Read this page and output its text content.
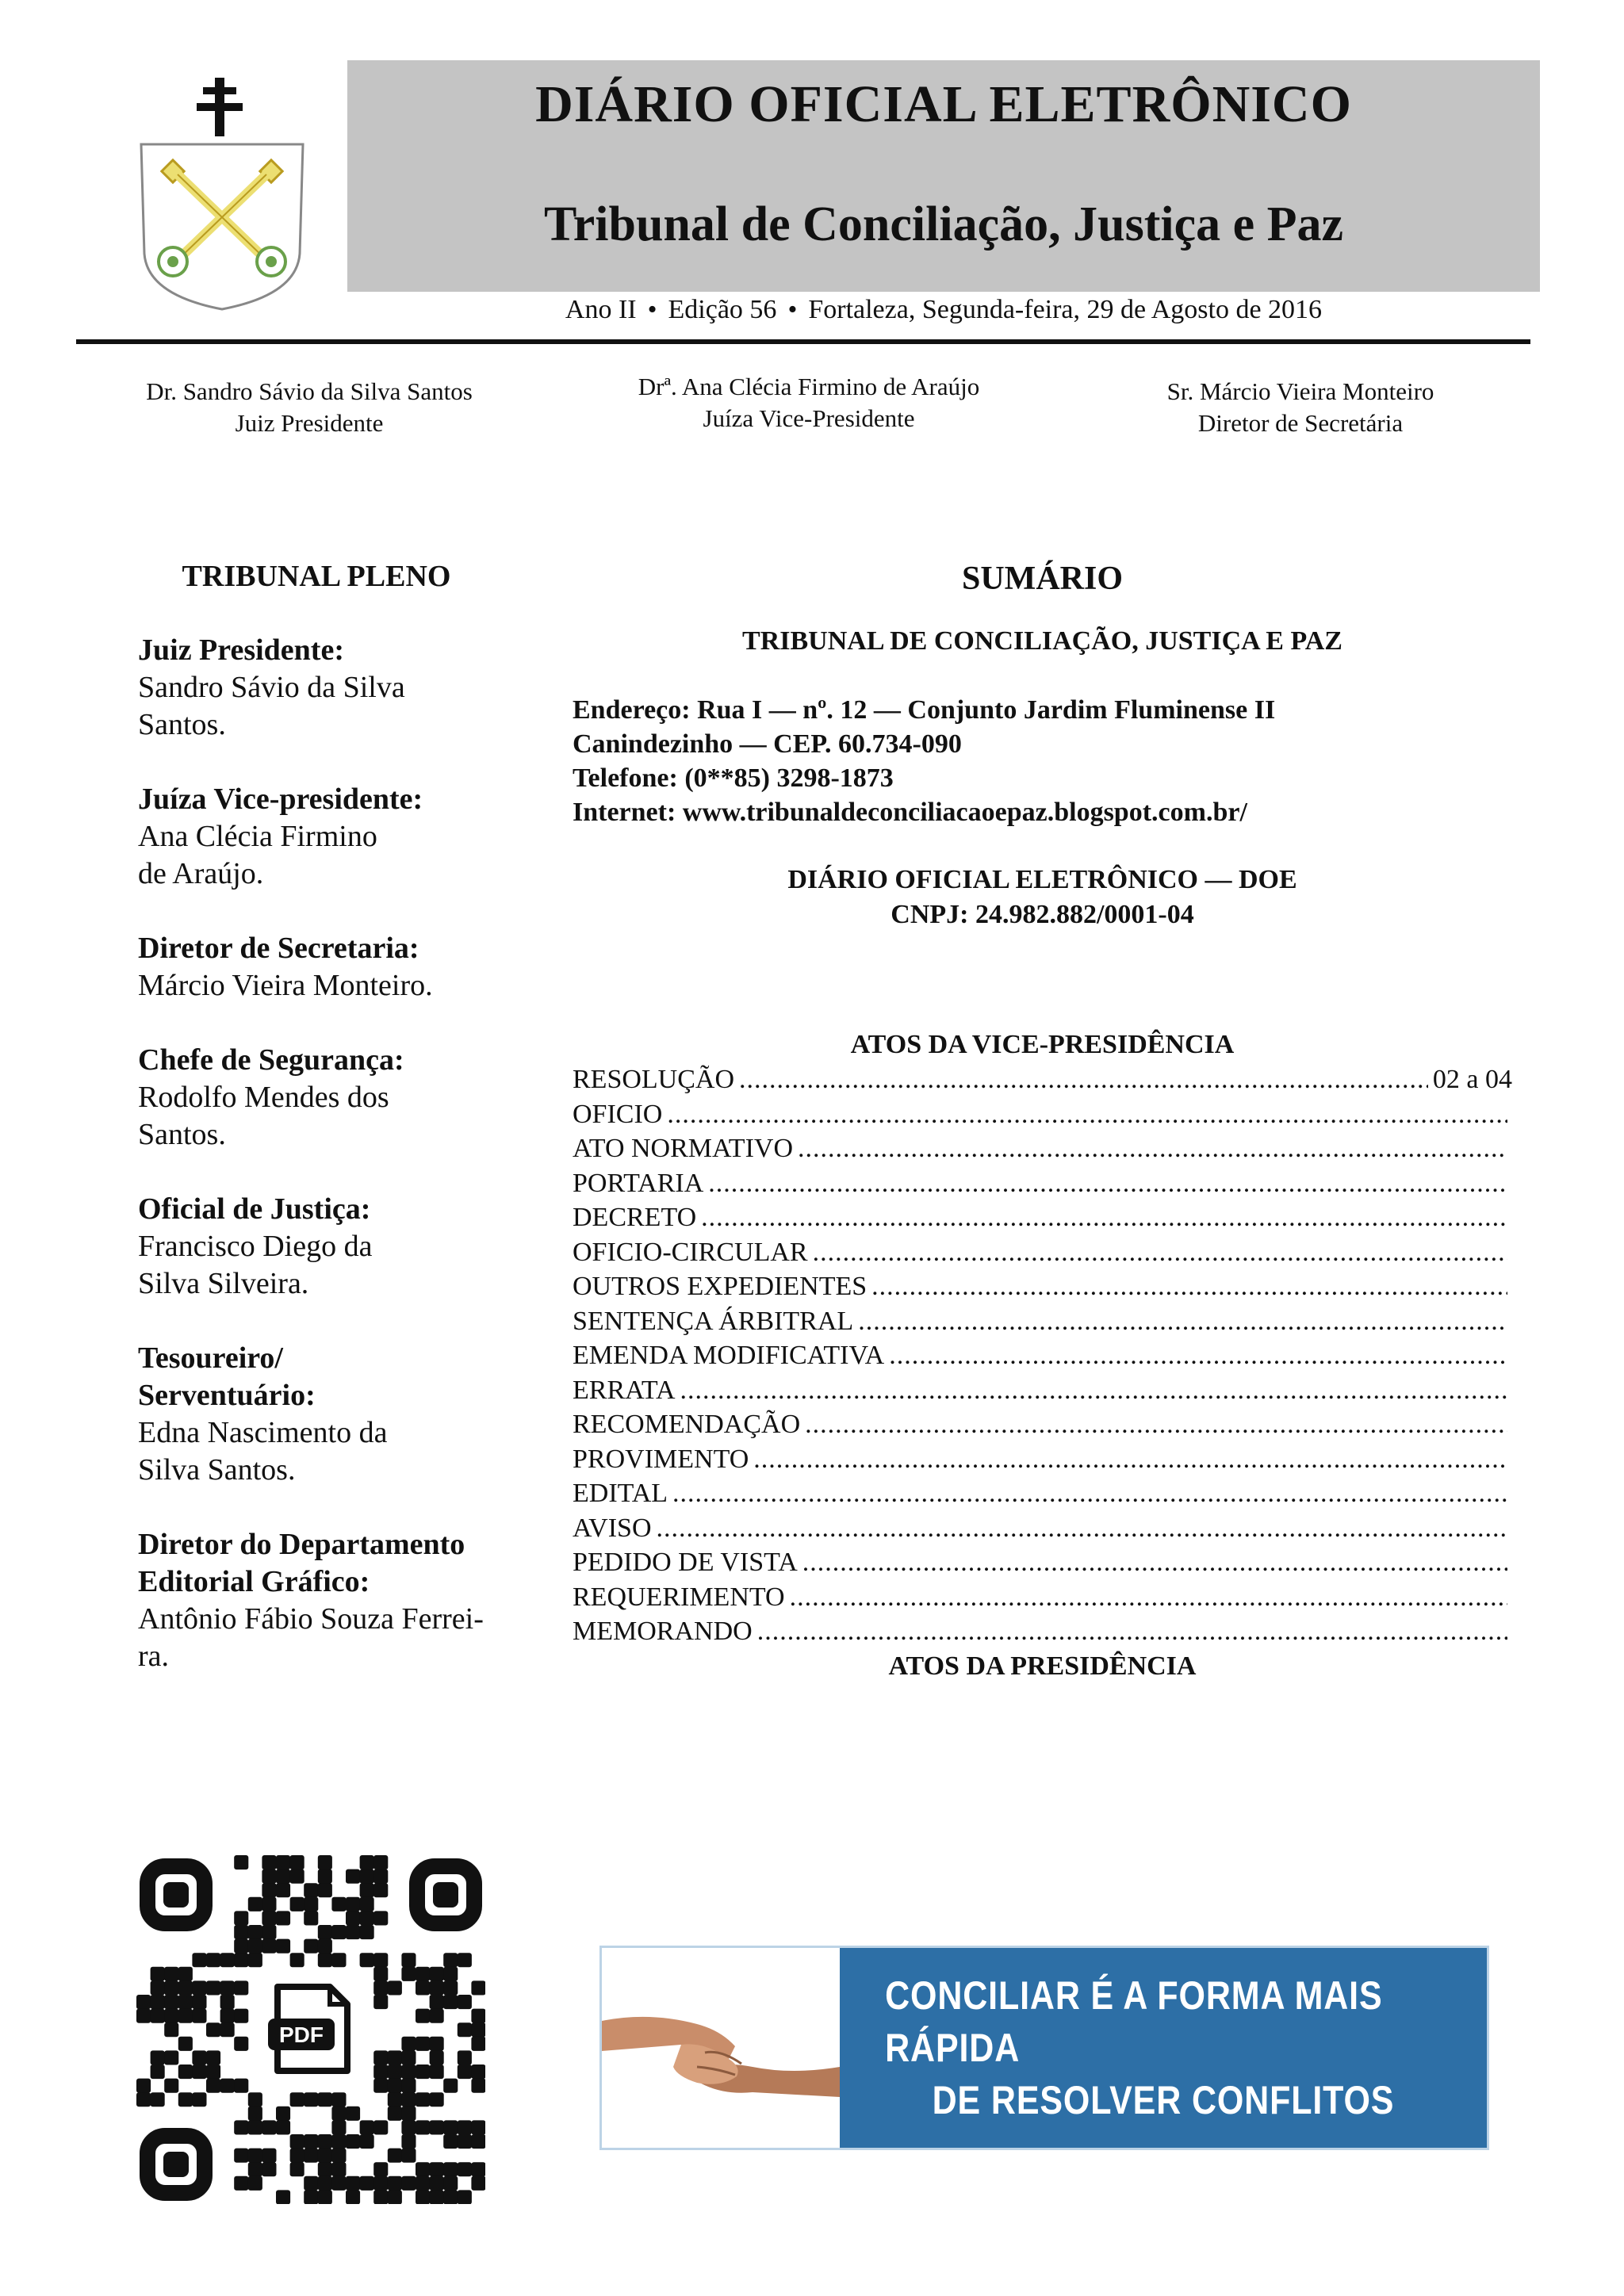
DIÁRIO OFICIAL ELETRÔNICO
Tribunal de Conciliação, Justiça e Paz
Ano II • Edição 56 • Fortaleza, Segunda-feira, 29 de Agosto de 2016
Dr. Sandro Sávio da Silva Santos
Juiz Presidente
Drª. Ana Clécia Firmino de Araújo
Juíza Vice-Presidente
Sr. Márcio Vieira Monteiro
Diretor de Secretária
TRIBUNAL PLENO
Juiz Presidente:
Sandro Sávio da Silva
Santos.
Juíza Vice-presidente:
Ana Clécia Firmino
de Araújo.
Diretor de Secretaria:
Márcio Vieira Monteiro.
Chefe de Segurança:
Rodolfo Mendes dos
Santos.
Oficial de Justiça:
Francisco Diego da
Silva Silveira.
Tesoureiro/ Serventuário:
Edna Nascimento da
Silva Santos.
Diretor do Departamento Editorial Gráfico:
Antônio Fábio Souza Ferrei-
ra.
SUMÁRIO
TRIBUNAL DE CONCILIAÇÃO, JUSTIÇA E PAZ
Endereço: Rua I — nº. 12 — Conjunto Jardim Fluminense II
Canindezinho — CEP. 60.734-090
Telefone: (0**85) 3298-1873
Internet: www.tribunaldeconciliacaoepaz.blogspot.com.br/
DIÁRIO OFICIAL ELETRÔNICO — DOE
CNPJ: 24.982.882/0001-04
ATOS DA VICE-PRESIDÊNCIA
RESOLUÇÃO
.....	02 a 04
OFICIO
.....
ATO NORMATIVO
.....
PORTARIA
.....
DECRETO
.....
OFICIO-CIRCULAR
.....
OUTROS EXPEDIENTES
.....
SENTENÇA ÁRBITRAL
.....
EMENDA MODIFICATIVA
.....
ERRATA
.....
RECOMENDAÇÃO
.....
PROVIMENTO
.....
EDITAL
.....
AVISO
.....
PEDIDO DE VISTA
.....
REQUERIMENTO
.....
MEMORANDO
.....
ATOS DA PRESIDÊNCIA
PDF
CONCILIAR É A FORMA MAIS RÁPIDA
DE RESOLVER CONFLITOS
